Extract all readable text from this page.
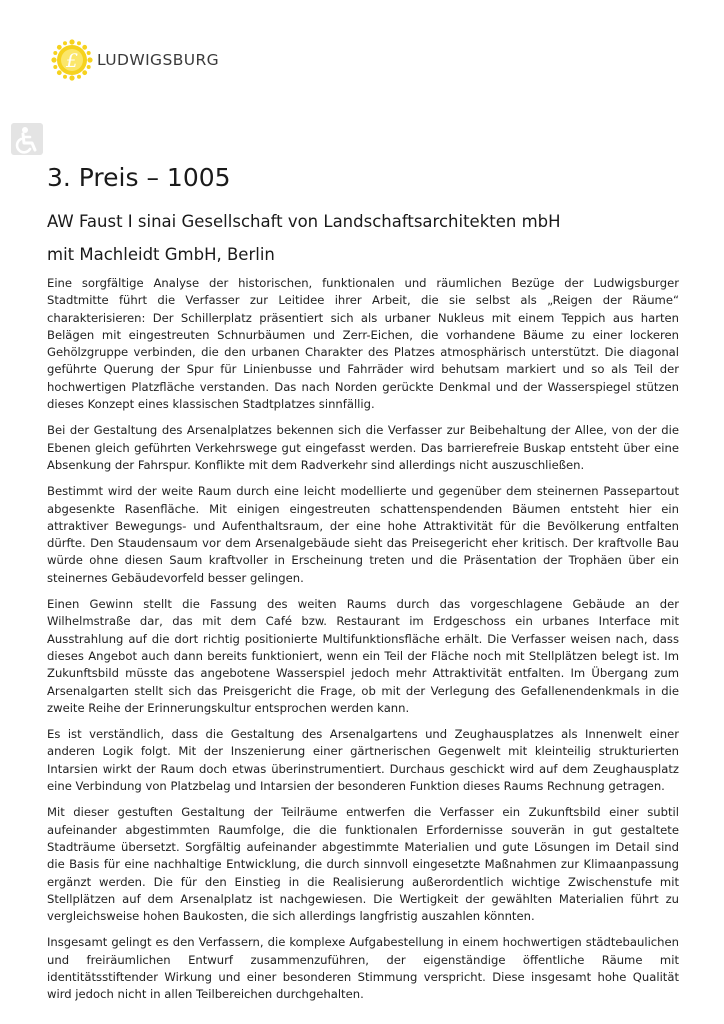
£ LUDWIGSBURG
3. Preis – 1005
AW Faust I sinai Gesellschaft von Landschaftsarchitekten mbH
mit Machleidt GmbH, Berlin

Eine sorgfältige Analyse der historischen, funktionalen und räumlichen Bezüge der Ludwigsburger Stadtmitte führt die Verfasser zur Leitidee ihrer Arbeit, die sie selbst als „Reigen der Räume“ charakterisieren: Der Schillerplatz präsentiert sich als urbaner Nukleus mit einem Teppich aus harten Belägen mit eingestreuten Schnurbäumen und Zerr-Eichen, die vorhandene Bäume zu einer lockeren Gehölzgruppe verbinden, die den urbanen Charakter des Platzes atmosphärisch unterstützt. Die diagonal geführte Querung der Spur für Linienbusse und Fahrräder wird behutsam markiert und so als Teil der hochwertigen Platzfläche verstanden. Das nach Norden gerückte Denkmal und der Wasserspiegel stützen dieses Konzept eines klassischen Stadtplatzes sinnfällig.

Bei der Gestaltung des Arsenalplatzes bekennen sich die Verfasser zur Beibehaltung der Allee, von der die Ebenen gleich geführten Verkehrswege gut eingefasst werden. Das barrierefreie Buskap entsteht über eine Absenkung der Fahrspur. Konflikte mit dem Radverkehr sind allerdings nicht auszuschließen.

Bestimmt wird der weite Raum durch eine leicht modellierte und gegenüber dem steinernen Passepartout abgesenkte Rasenfläche. Mit einigen eingestreuten schattenspendenden Bäumen entsteht hier ein attraktiver Bewegungs- und Aufenthaltsraum, der eine hohe Attraktivität für die Bevölkerung entfalten dürfte. Den Staudensaum vor dem Arsenalgebäude sieht das Preisegericht eher kritisch. Der kraftvolle Bau würde ohne diesen Saum kraftvoller in Erscheinung treten und die Präsentation der Trophäen über ein steinernes Gebäudevorfeld besser gelingen.

Einen Gewinn stellt die Fassung des weiten Raums durch das vorgeschlagene Gebäude an der Wilhelmstraße dar, das mit dem Café bzw. Restaurant im Erdgeschoss ein urbanes Interface mit Ausstrahlung auf die dort richtig positionierte Multifunktionsfläche erhält. Die Verfasser weisen nach, dass dieses Angebot auch dann bereits funktioniert, wenn ein Teil der Fläche noch mit Stellplätzen belegt ist. Im Zukunftsbild müsste das angebotene Wasserspiel jedoch mehr Attraktivität entfalten. Im Übergang zum Arsenalgarten stellt sich das Preisgericht die Frage, ob mit der Verlegung des Gefallenendenkmals in die zweite Reihe der Erinnerungskultur entsprochen werden kann.

Es ist verständlich, dass die Gestaltung des Arsenalgartens und Zeughausplatzes als Innenwelt einer anderen Logik folgt. Mit der Inszenierung einer gärtnerischen Gegenwelt mit kleinteilig strukturierten Intarsien wirkt der Raum doch etwas überinstrumentiert. Durchaus geschickt wird auf dem Zeughausplatz eine Verbindung von Platzbelag und Intarsien der besonderen Funktion dieses Raums Rechnung getragen.

Mit dieser gestuften Gestaltung der Teilräume entwerfen die Verfasser ein Zukunftsbild einer subtil aufeinander abgestimmten Raumfolge, die die funktionalen Erfordernisse souverän in gut gestaltete Stadträume übersetzt. Sorgfältig aufeinander abgestimmte Materialien und gute Lösungen im Detail sind die Basis für eine nachhaltige Entwicklung, die durch sinnvoll eingesetzte Maßnahmen zur Klimaanpassung ergänzt werden. Die für den Einstieg in die Realisierung außerordentlich wichtige Zwischenstufe mit Stellplätzen auf dem Arsenalplatz ist nachgewiesen. Die Wertigkeit der gewählten Materialien führt zu vergleichsweise hohen Baukosten, die sich allerdings langfristig auszahlen könnten.

Insgesamt gelingt es den Verfassern, die komplexe Aufgabestellung in einem hochwertigen städtebaulichen und freiräumlichen Entwurf zusammenzuführen, der eigenständige öffentliche Räume mit identitätsstiftender Wirkung und einer besonderen Stimmung verspricht. Diese insgesamt hohe Qualität wird jedoch nicht in allen Teilbereichen durchgehalten.
